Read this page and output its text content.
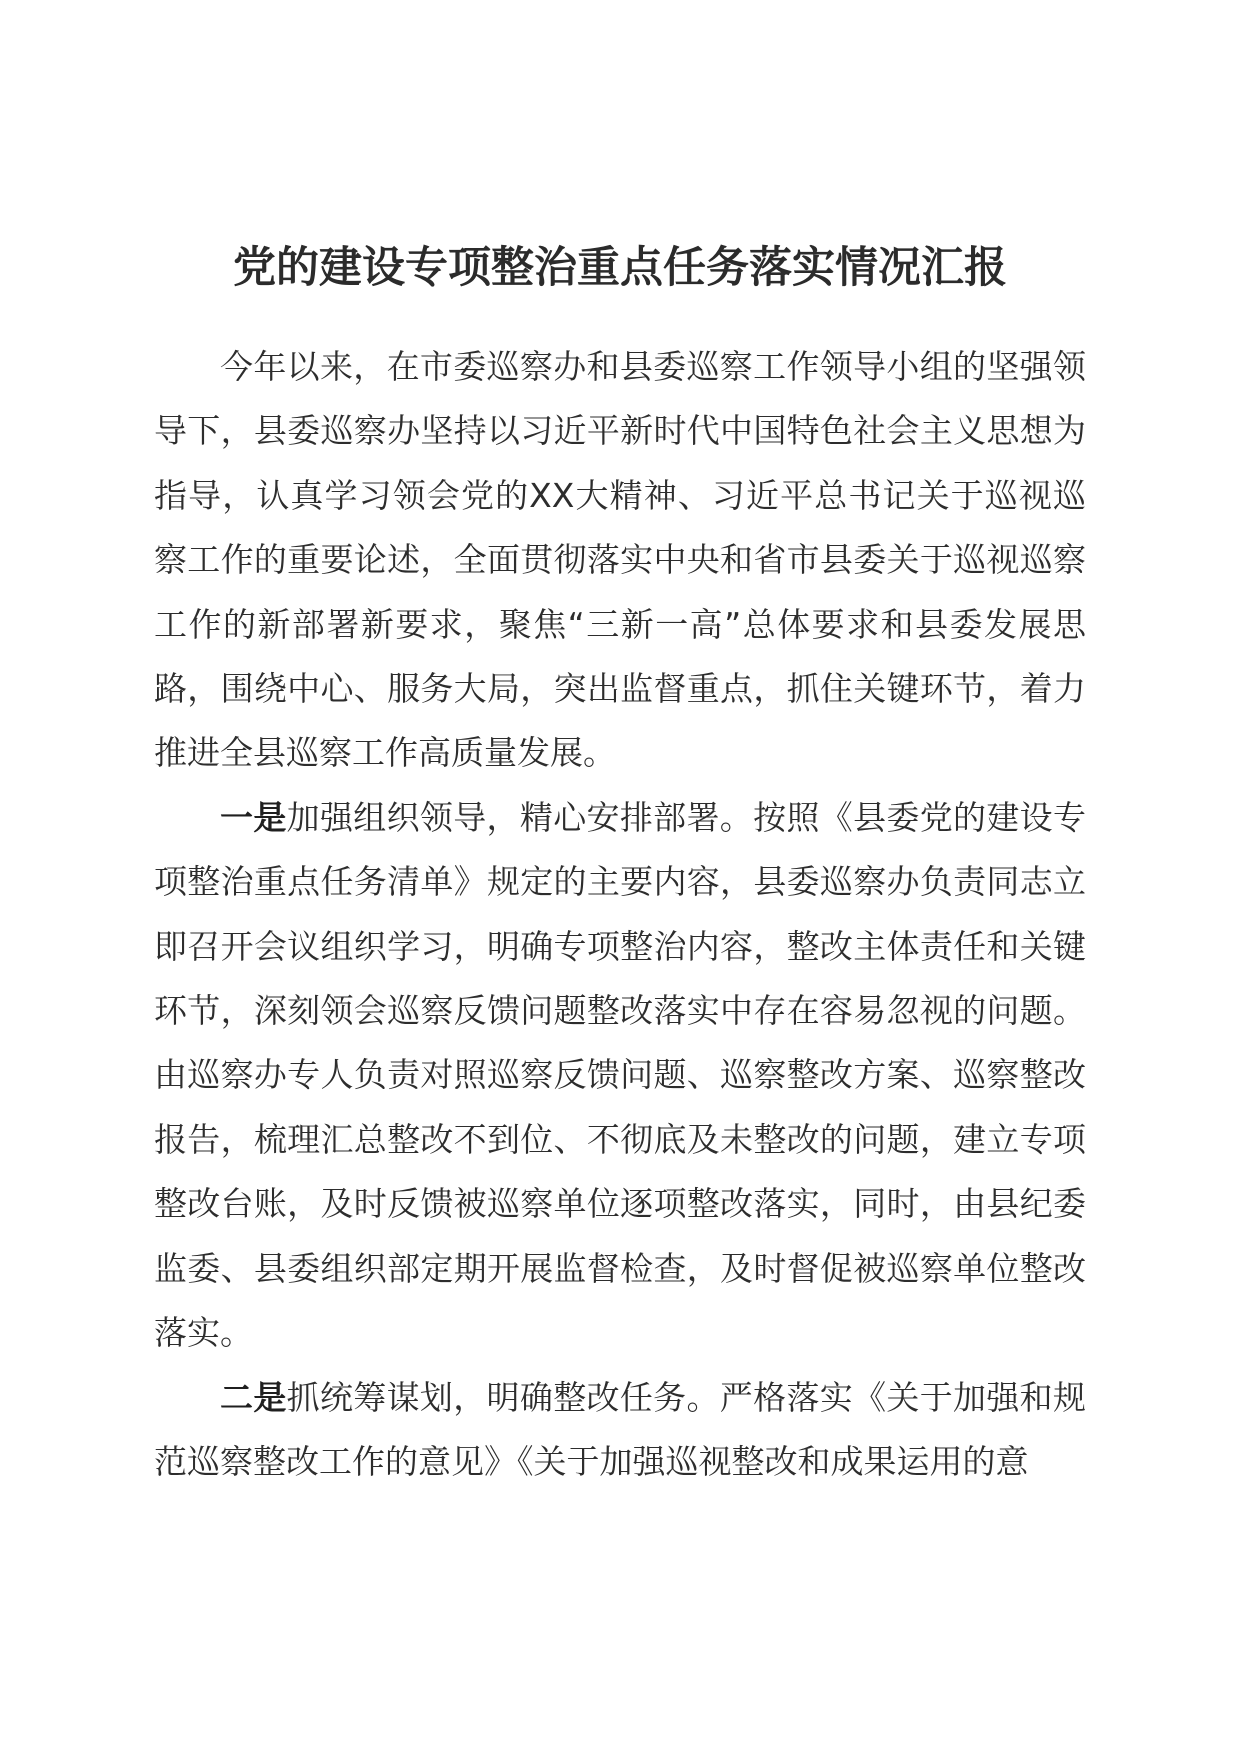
党的建设专项整治重点任务落实情况汇报

今年以来，在市委巡察办和县委巡察工作领导小组的坚强领导下，县委巡察办坚持以习近平新时代中国特色社会主义思想为指导，认真学习领会党的XX大精神、习近平总书记关于巡视巡察工作的重要论述，全面贯彻落实中央和省市县委关于巡视巡察工作的新部署新要求，聚焦“三新一高”总体要求和县委发展思路，围绕中心、服务大局，突出监督重点，抓住关键环节，着力推进全县巡察工作高质量发展。

一是加强组织领导，精心安排部署。按照《县委党的建设专项整治重点任务清单》规定的主要内容，县委巡察办负责同志立即召开会议组织学习，明确专项整治内容，整改主体责任和关键环节，深刻领会巡察反馈问题整改落实中存在容易忽视的问题。由巡察办专人负责对照巡察反馈问题、巡察整改方案、巡察整改报告，梳理汇总整改不到位、不彻底及未整改的问题，建立专项整改台账，及时反馈被巡察单位逐项整改落实，同时，由县纪委监委、县委组织部定期开展监督检查，及时督促被巡察单位整改落实。

二是抓统筹谋划，明确整改任务。严格落实《关于加强和规范巡察整改工作的意见》《关于加强巡视整改和成果运用的意
